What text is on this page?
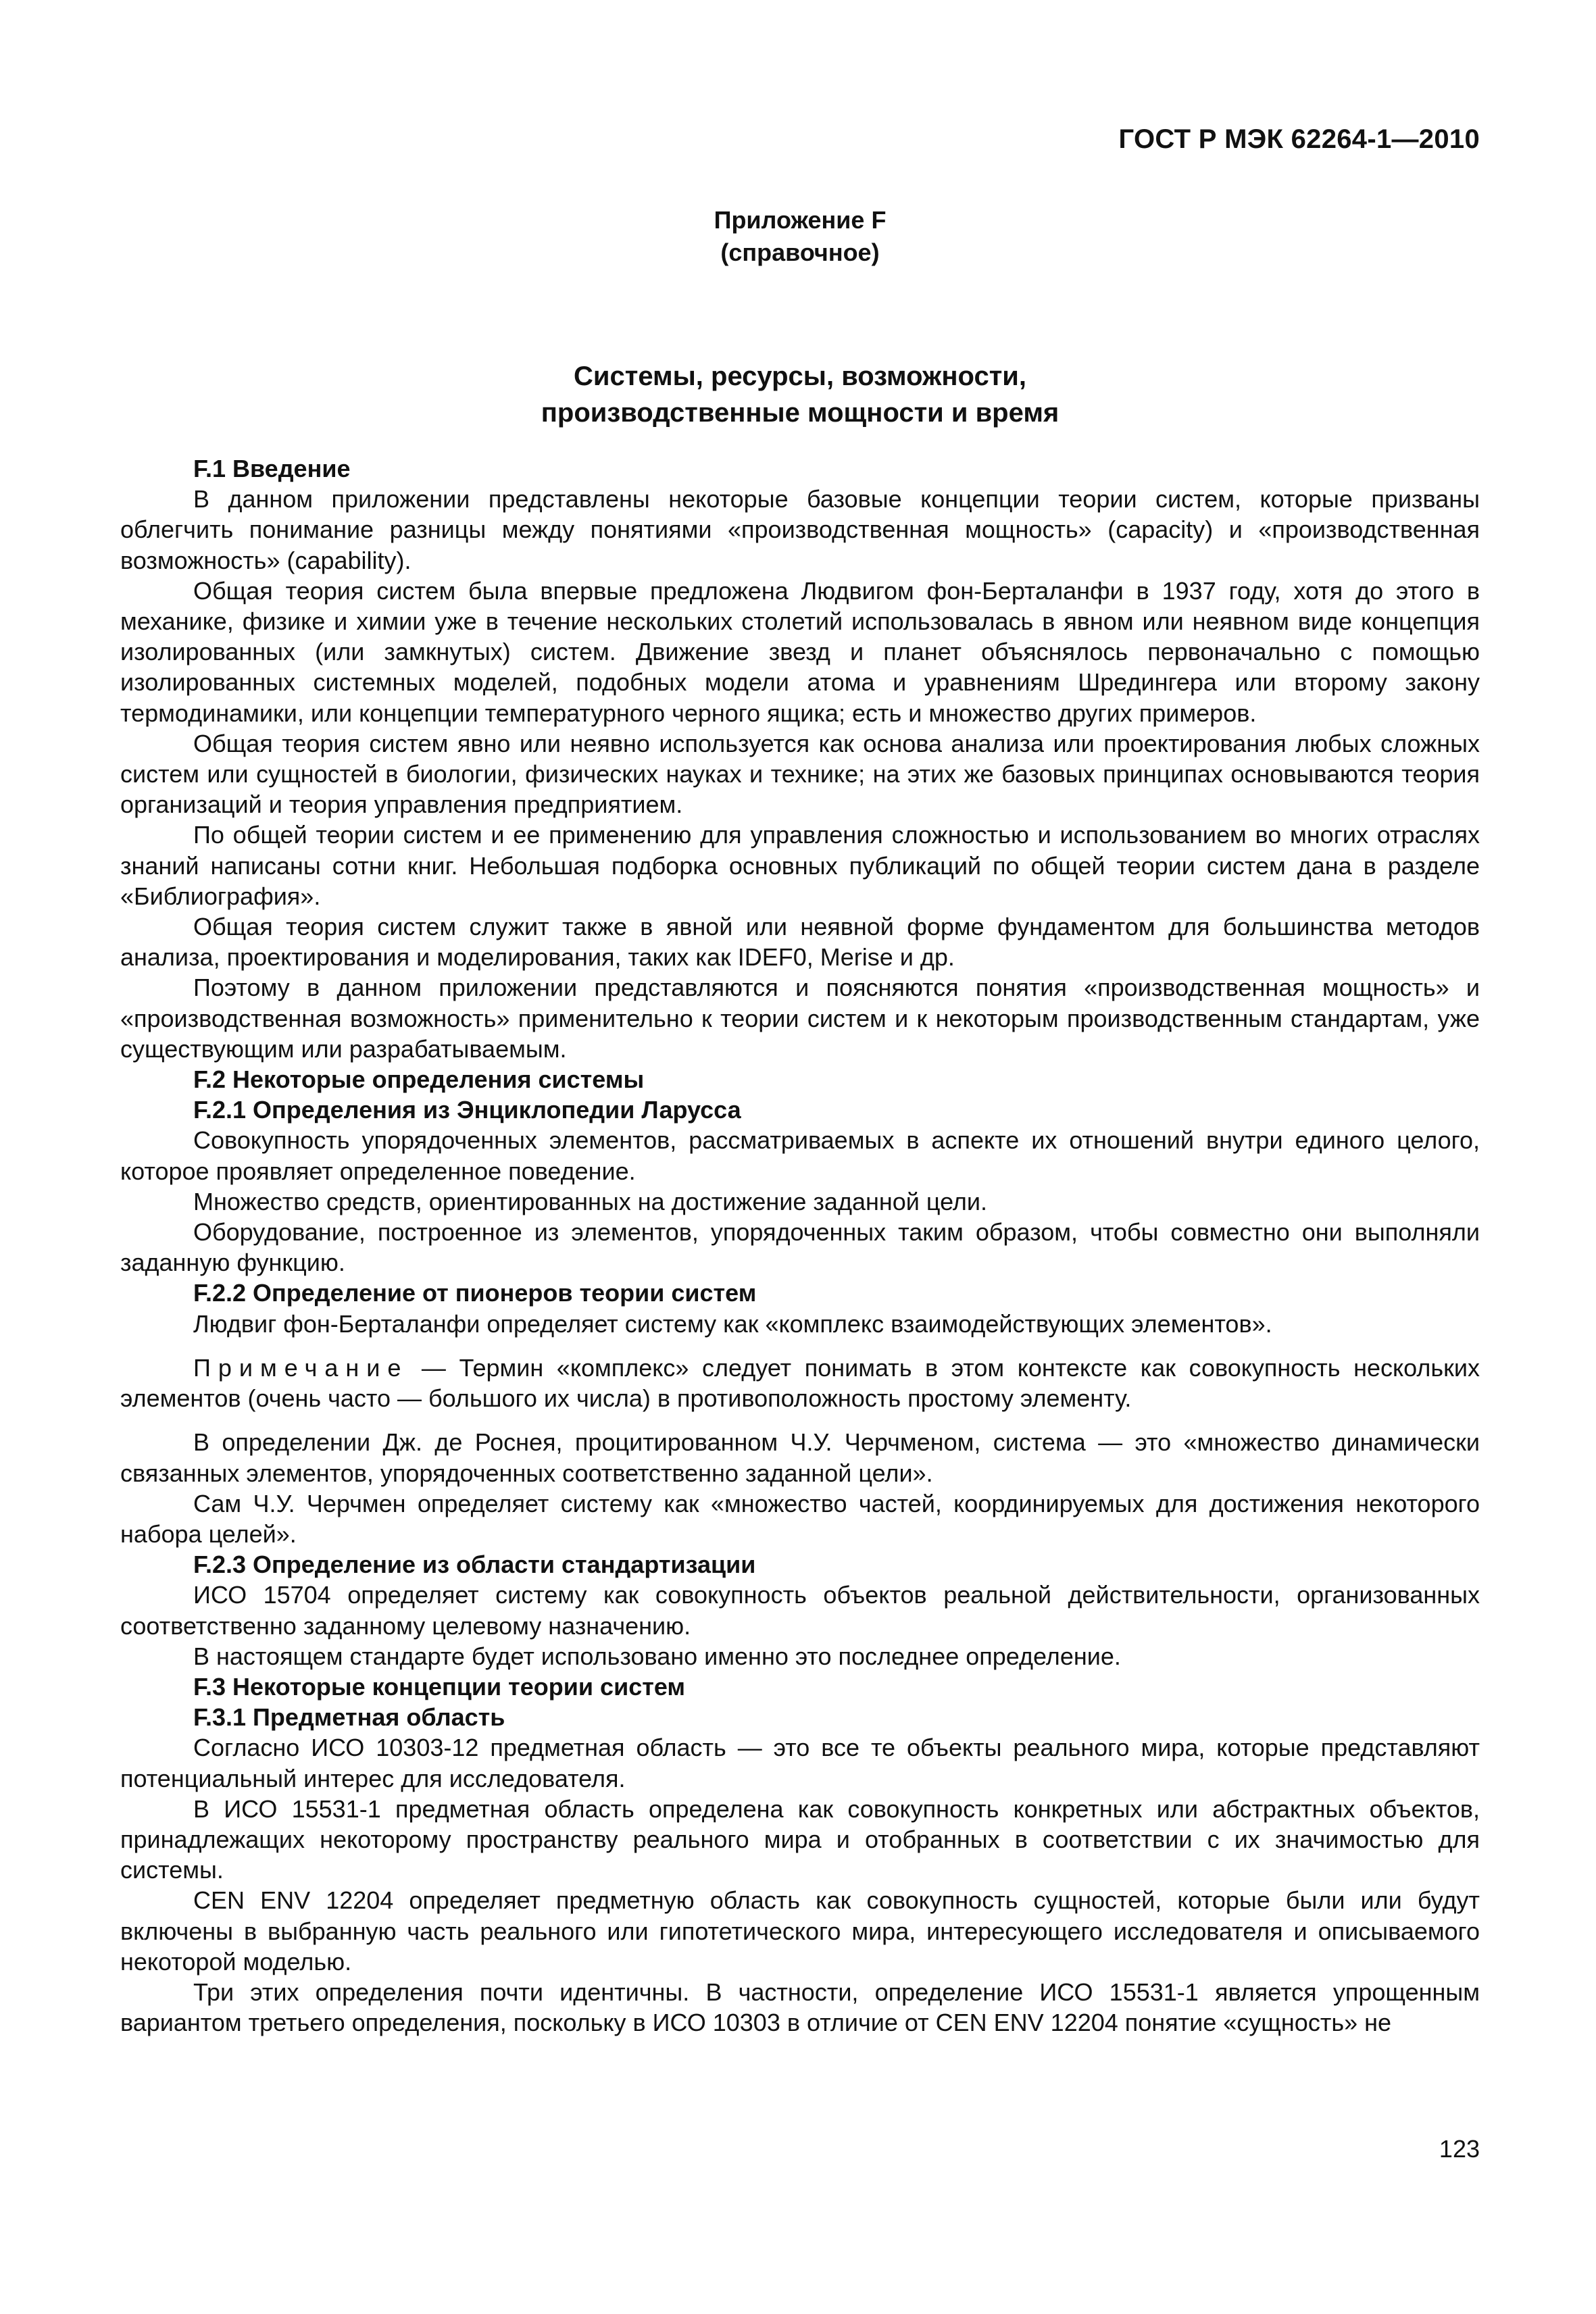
ГОСТ Р МЭК 62264-1—2010
Приложение F
(справочное)
Системы, ресурсы, возможности,
производственные мощности и время
F.1 Введение

В данном приложении представлены некоторые базовые концепции теории систем, которые призваны облегчить понимание разницы между понятиями «производственная мощность» (capacity) и «производственная возможность» (capability).

Общая теория систем была впервые предложена Людвигом фон-Берталанфи в 1937 году, хотя до этого в механике, физике и химии уже в течение нескольких столетий использовалась в явном или неявном виде концепция изолированных (или замкнутых) систем. Движение звезд и планет объяснялось первоначально с помощью изолированных системных моделей, подобных модели атома и уравнениям Шредингера или второму закону термодинамики, или концепции температурного черного ящика; есть и множество других примеров.

Общая теория систем явно или неявно используется как основа анализа или проектирования любых сложных систем или сущностей в биологии, физических науках и технике; на этих же базовых принципах основываются теория организаций и теория управления предприятием.

По общей теории систем и ее применению для управления сложностью и использованием во многих отраслях знаний написаны сотни книг. Небольшая подборка основных публикаций по общей теории систем дана в разделе «Библиография».

Общая теория систем служит также в явной или неявной форме фундаментом для большинства методов анализа, проектирования и моделирования, таких как IDEF0, Merise и др.

Поэтому в данном приложении представляются и поясняются понятия «производственная мощность» и «производственная возможность» применительно к теории систем и к некоторым производственным стандартам, уже существующим или разрабатываемым.

F.2 Некоторые определения системы
F.2.1 Определения из Энциклопедии Ларусса

Совокупность упорядоченных элементов, рассматриваемых в аспекте их отношений внутри единого целого, которое проявляет определенное поведение.

Множество средств, ориентированных на достижение заданной цели.

Оборудование, построенное из элементов, упорядоченных таким образом, чтобы совместно они выполняли заданную функцию.

F.2.2 Определение от пионеров теории систем

Людвиг фон-Берталанфи определяет систему как «комплекс взаимодействующих элементов».

Примечание — Термин «комплекс» следует понимать в этом контексте как совокупность нескольких элементов (очень часто — большого их числа) в противоположность простому элементу.

В определении Дж. де Роснея, процитированном Ч.У. Черчменом, система — это «множество динамически связанных элементов, упорядоченных соответственно заданной цели».

Сам Ч.У. Черчмен определяет систему как «множество частей, координируемых для достижения некоторого набора целей».

F.2.3 Определение из области стандартизации

ИСО 15704 определяет систему как совокупность объектов реальной действительности, организованных соответственно заданному целевому назначению.

В настоящем стандарте будет использовано именно это последнее определение.

F.3 Некоторые концепции теории систем
F.3.1 Предметная область

Согласно ИСО 10303-12 предметная область — это все те объекты реального мира, которые представляют потенциальный интерес для исследователя.

В ИСО 15531-1 предметная область определена как совокупность конкретных или абстрактных объектов, принадлежащих некоторому пространству реального мира и отобранных в соответствии с их значимостью для системы.

CEN ENV 12204 определяет предметную область как совокупность сущностей, которые были или будут включены в выбранную часть реального или гипотетического мира, интересующего исследователя и описываемого некоторой моделью.

Три этих определения почти идентичны. В частности, определение ИСО 15531-1 является упрощенным вариантом третьего определения, поскольку в ИСО 10303 в отличие от CEN ENV 12204 понятие «сущность» не

123
